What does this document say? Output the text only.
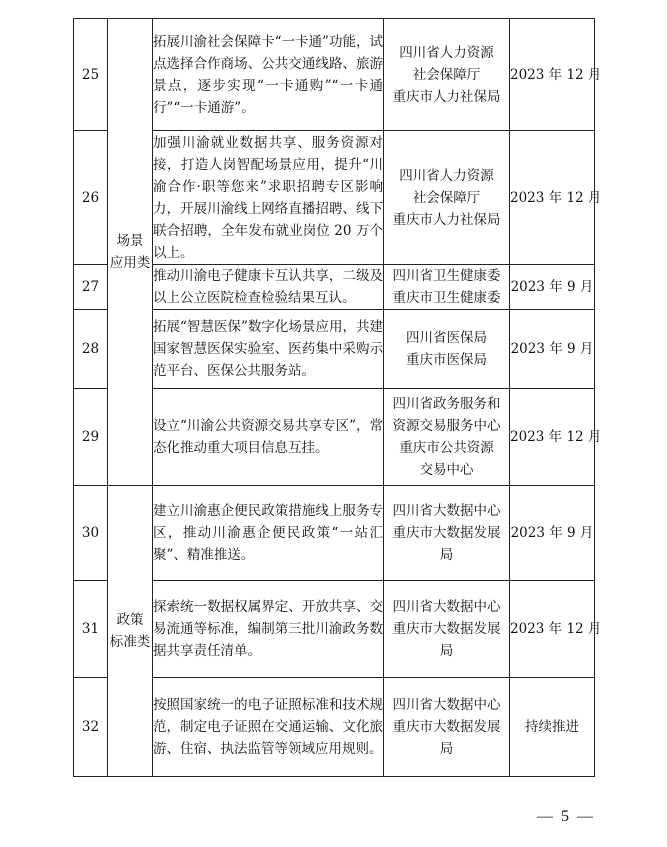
25	场景
应用类	拓展川渝社会保障卡“一卡通”功能，试点选择合作商场、公共交通线路、旅游景点，逐步实现“一卡通购”“一卡通行”“一卡通游”。	四川省人力资源
社会保障厅
重庆市人力社保局	2023 年 12 月
26		加强川渝就业数据共享、服务资源对接，打造人岗智配场景应用，提升“川渝合作·职等您来”求职招聘专区影响力，开展川渝线上网络直播招聘、线下联合招聘，全年发布就业岗位 20 万个以上。	四川省人力资源
社会保障厅
重庆市人力社保局	2023 年 12 月
27		推动川渝电子健康卡互认共享，二级及以上公立医院检查检验结果互认。	四川省卫生健康委
重庆市卫生健康委	2023 年 9 月
28		拓展“智慧医保”数字化场景应用，共建国家智慧医保实验室、医药集中采购示范平台、医保公共服务站。	四川省医保局
重庆市医保局	2023 年 9 月
29		设立“川渝公共资源交易共享专区”，常态化推动重大项目信息互挂。	四川省政务服务和
资源交易服务中心
重庆市公共资源
交易中心	2023 年 12 月
30	政策
标准类	建立川渝惠企便民政策措施线上服务专区，推动川渝惠企便民政策“一站汇聚”、精准推送。	四川省大数据中心
重庆市大数据发展
局	2023 年 9 月
31		探索统一数据权属界定、开放共享、交易流通等标准，编制第三批川渝政务数据共享责任清单。	四川省大数据中心
重庆市大数据发展
局	2023 年 12 月
32		按照国家统一的电子证照标准和技术规范，制定电子证照在交通运输、文化旅游、住宿、执法监管等领域应用规则。	四川省大数据中心
重庆市大数据发展
局	持续推进
— 5 —
